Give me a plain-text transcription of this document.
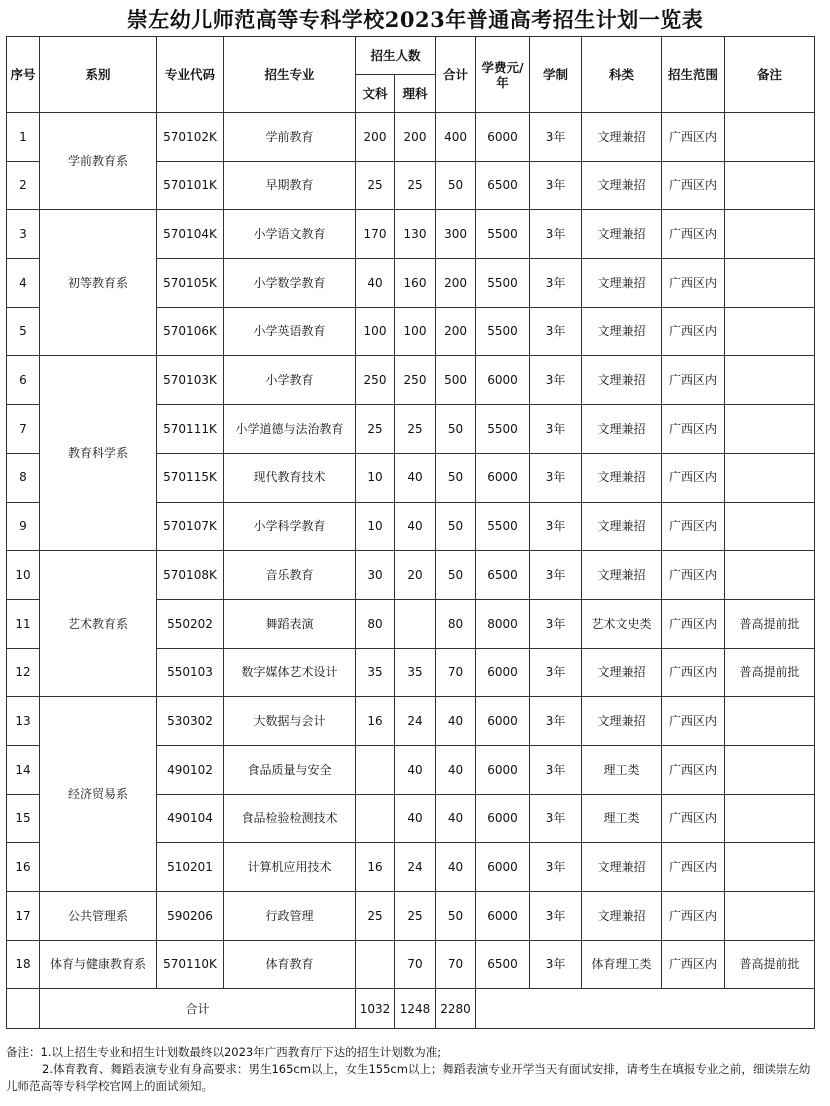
崇左幼儿师范高等专科学校2023年普通高考招生计划一览表
序号	系别	专业代码	招生专业	招生人数		合计	学费元/年	学制	科类	招生范围	备注
				文科	理科						
1	学前教育系	570102K	学前教育	200	200	400	6000	3年	文理兼招	广西区内	
2		570101K	早期教育	25	25	50	6500	3年	文理兼招	广西区内	
3	初等教育系	570104K	小学语文教育	170	130	300	5500	3年	文理兼招	广西区内	
4		570105K	小学数学教育	40	160	200	5500	3年	文理兼招	广西区内	
5		570106K	小学英语教育	100	100	200	5500	3年	文理兼招	广西区内	
6	教育科学系	570103K	小学教育	250	250	500	6000	3年	文理兼招	广西区内	
7		570111K	小学道德与法治教育	25	25	50	5500	3年	文理兼招	广西区内	
8		570115K	现代教育技术	10	40	50	6000	3年	文理兼招	广西区内	
9		570107K	小学科学教育	10	40	50	5500	3年	文理兼招	广西区内	
10	艺术教育系	570108K	音乐教育	30	20	50	6500	3年	文理兼招	广西区内	
11		550202	舞蹈表演	80		80	8000	3年	艺术文史类	广西区内	普高提前批
12		550103	数字媒体艺术设计	35	35	70	6000	3年	文理兼招	广西区内	普高提前批
13	经济贸易系	530302	大数据与会计	16	24	40	6000	3年	文理兼招	广西区内	
14		490102	食品质量与安全		40	40	6000	3年	理工类	广西区内	
15		490104	食品检验检测技术		40	40	6000	3年	理工类	广西区内	
16		510201	计算机应用技术	16	24	40	6000	3年	文理兼招	广西区内	
17	公共管理系	590206	行政管理	25	25	50	6000	3年	文理兼招	广西区内	
18	体育与健康教育系	570110K	体育教育		70	70	6500	3年	体育理工类	广西区内	普高提前批
	合计			1032	1248	2280					

备注：1.以上招生专业和招生计划数最终以2023年广西教育厅下达的招生计划数为准;

2.体育教育、舞蹈表演专业有身高要求：男生165cm以上，女生155cm以上；舞蹈表演专业开学当天有面试安排，请考生在填报专业之前，细读崇左幼儿师范高等专科学校官网上的面试须知。
